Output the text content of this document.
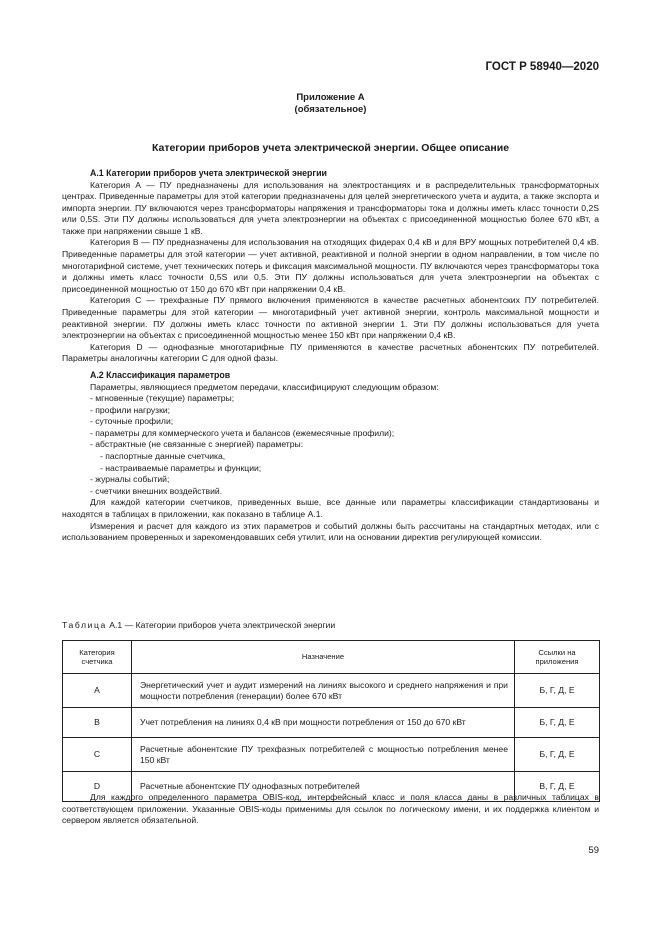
ГОСТ Р 58940—2020
Приложение А
(обязательное)
Категории приборов учета электрической энергии. Общее описание
А.1 Категории приборов учета электрической энергии

Категория А — ПУ предназначены для использования на электростанциях и в распределительных трансформаторных центрах. Приведенные параметры для этой категории предназначены для целей энергетического учета и аудита, а также экспорта и импорта энергии. ПУ включаются через трансформаторы напряжения и трансформаторы тока и должны иметь класс точности 0,2S или 0,5S. Эти ПУ должны использоваться для учета электроэнергии на объектах с присоединенной мощностью более 670 кВт, а также при напряжении свыше 1 кВ.

Категория В — ПУ предназначены для использования на отходящих фидерах 0,4 кВ и для ВРУ мощных потребителей 0,4 кВ. Приведенные параметры для этой категории — учет активной, реактивной и полной энергии в одном направлении, в том числе по многотарифной системе, учет технических потерь и фиксация максимальной мощности. ПУ включаются через трансформаторы тока и должны иметь класс точности 0,5S или 0,5. Эти ПУ должны использоваться для учета электроэнергии на объектах с присоединенной мощностью от 150 до 670 кВт при напряжении 0,4 кВ.

Категория С — трехфазные ПУ прямого включения применяются в качестве расчетных абонентских ПУ потребителей. Приведенные параметры для этой категории — многотарифный учет активной энергии, контроль максимальной мощности и реактивной энергии. ПУ должны иметь класс точности по активной энергии 1. Эти ПУ должны использоваться для учета электроэнергии на объектах с присоединенной мощностью менее 150 кВт при напряжении 0,4 кВ.

Категория D — однофазные многотарифные ПУ применяются в качестве расчетных абонентских ПУ потребителей. Параметры аналогичны категории С для одной фазы.

А.2 Классификация параметров

Параметры, являющиеся предметом передачи, классифицируют следующим образом:

- мгновенные (текущие) параметры;
- профили нагрузки;
- суточные профили;
- параметры для коммерческого учета и балансов (ежемесячные профили);
- абстрактные (не связанные с энергией) параметры:
- паспортные данные счетчика,
- настраиваемые параметры и функции;
- журналы событий;
- счетчики внешних воздействий.

Для каждой категории счетчиков, приведенных выше, все данные или параметры классификации стандартизованы и находятся в таблицах в приложении, как показано в таблице А.1.

Измерения и расчет для каждого из этих параметров и событий должны быть рассчитаны на стандартных методах, или с использованием проверенных и зарекомендовавших себя утилит, или на основании директив регулирующей комиссии.

Таблица А.1 — Категории приборов учета электрической энергии
Категория счетчика	Назначение	Ссылки на приложения
А	Энергетический учет и аудит измерений на линиях высокого и среднего напряжения и при мощности потребления (генерации) более 670 кВт	Б, Г, Д, Е
В	Учет потребления на линиях 0,4 кВ при мощности потребления от 150 до 670 кВт	Б, Г, Д, Е
С	Расчетные абонентские ПУ трехфазных потребителей с мощностью потребления менее 150 кВт	Б, Г, Д, Е
D	Расчетные абонентские ПУ однофазных потребителей	В, Г, Д, Е

Для каждого определенного параметра OBIS-код, интерфейсный класс и поля класса даны в различных таблицах в соответствующем приложении. Указанные OBIS-коды применимы для ссылок по логическому имени, и их поддержка клиентом и сервером является обязательной.

59
